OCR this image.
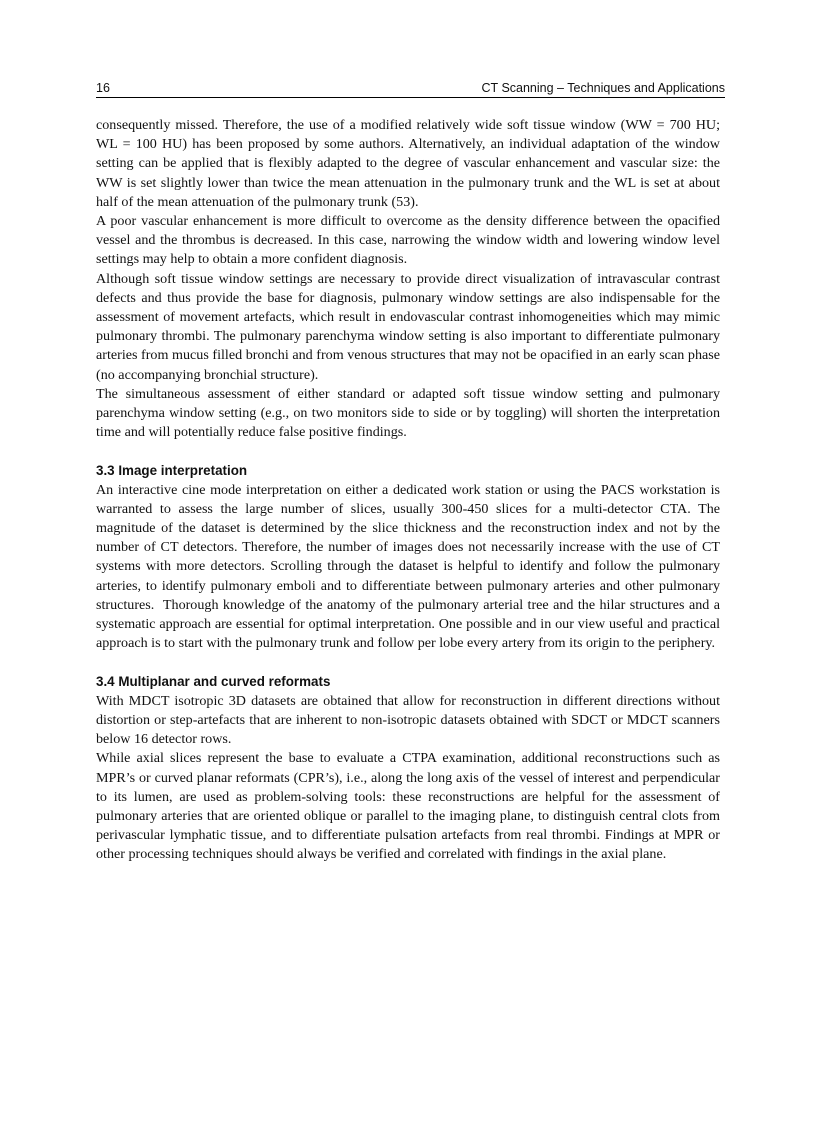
16	CT Scanning – Techniques and Applications

consequently missed. Therefore, the use of a modified relatively wide soft tissue window (WW = 700 HU; WL = 100 HU) has been proposed by some authors. Alternatively, an individual adaptation of the window setting can be applied that is flexibly adapted to the degree of vascular enhancement and vascular size: the WW is set slightly lower than twice the mean attenuation in the pulmonary trunk and the WL is set at about half of the mean attenuation of the pulmonary trunk (53).

A poor vascular enhancement is more difficult to overcome as the density difference between the opacified vessel and the thrombus is decreased. In this case, narrowing the window width and lowering window level settings may help to obtain a more confident diagnosis.

Although soft tissue window settings are necessary to provide direct visualization of intravascular contrast defects and thus provide the base for diagnosis, pulmonary window settings are also indispensable for the assessment of movement artefacts, which result in endovascular contrast inhomogeneities which may mimic pulmonary thrombi. The pulmonary parenchyma window setting is also important to differentiate pulmonary arteries from mucus filled bronchi and from venous structures that may not be opacified in an early scan phase (no accompanying bronchial structure).

The simultaneous assessment of either standard or adapted soft tissue window setting and pulmonary parenchyma window setting (e.g., on two monitors side to side or by toggling) will shorten the interpretation time and will potentially reduce false positive findings.

3.3 Image interpretation

An interactive cine mode interpretation on either a dedicated work station or using the PACS workstation is warranted to assess the large number of slices, usually 300-450 slices for a multi-detector CTA. The magnitude of the dataset is determined by the slice thickness and the reconstruction index and not by the number of CT detectors. Therefore, the number of images does not necessarily increase with the use of CT systems with more detectors. Scrolling through the dataset is helpful to identify and follow the pulmonary arteries, to identify pulmonary emboli and to differentiate between pulmonary arteries and other pulmonary structures.  Thorough knowledge of the anatomy of the pulmonary arterial tree and the hilar structures and a systematic approach are essential for optimal interpretation. One possible and in our view useful and practical approach is to start with the pulmonary trunk and follow per lobe every artery from its origin to the periphery.

3.4 Multiplanar and curved reformats

With MDCT isotropic 3D datasets are obtained that allow for reconstruction in different directions without distortion or step-artefacts that are inherent to non-isotropic datasets obtained with SDCT or MDCT scanners below 16 detector rows.

While axial slices represent the base to evaluate a CTPA examination, additional reconstructions such as MPR’s or curved planar reformats (CPR’s), i.e., along the long axis of the vessel of interest and perpendicular to its lumen, are used as problem-solving tools: these reconstructions are helpful for the assessment of pulmonary arteries that are oriented oblique or parallel to the imaging plane, to distinguish central clots from perivascular lymphatic tissue, and to differentiate pulsation artefacts from real thrombi. Findings at MPR or other processing techniques should always be verified and correlated with findings in the axial plane.
